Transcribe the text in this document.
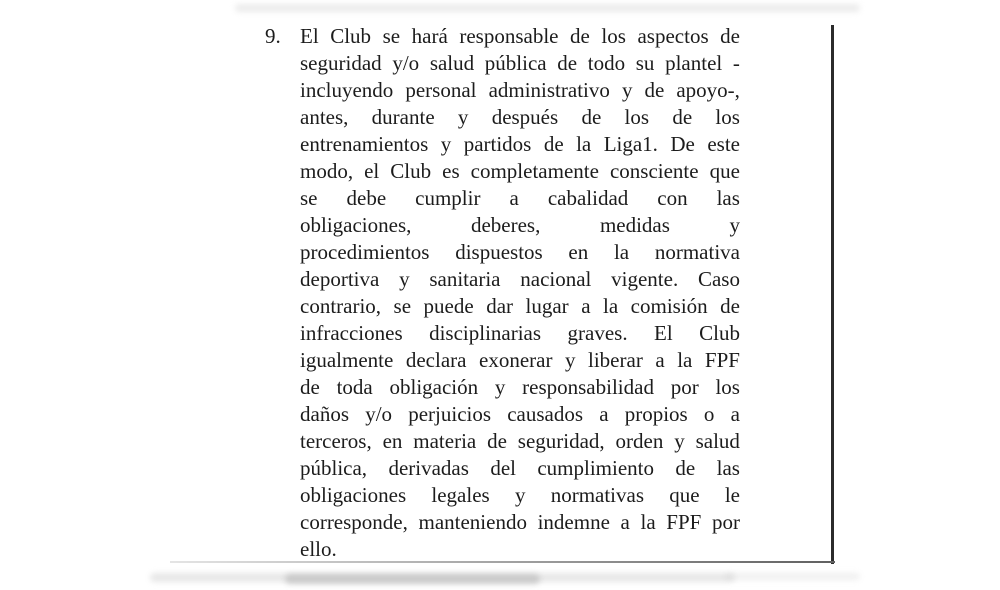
9. El Club se hará responsable de los aspectos de
seguridad y/o salud pública de todo su plantel -
incluyendo personal administrativo y de apoyo-,
antes, durante y después de los de los
entrenamientos y partidos de la Liga1. De este
modo, el Club es completamente consciente que
se debe cumplir a cabalidad con las
obligaciones,	deberes,	medidas	y
procedimientos dispuestos en la normativa
deportiva y sanitaria nacional vigente. Caso
contrario, se puede dar lugar a la comisión de
infracciones disciplinarias graves. El Club
igualmente declara exonerar y liberar a la FPF
de toda obligación y responsabilidad por los
daños y/o perjuicios causados a propios o a
terceros, en materia de seguridad, orden y salud
pública, derivadas del cumplimiento de las
obligaciones legales y normativas que le
corresponde, manteniendo indemne a la FPF por
ello.
